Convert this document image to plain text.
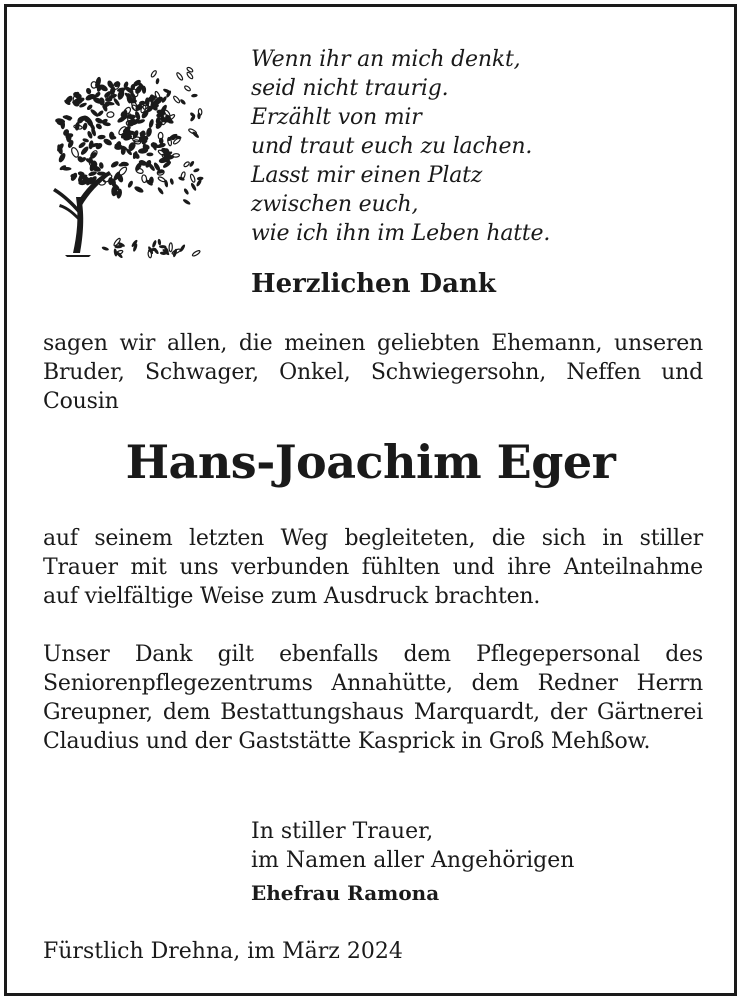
Wenn ihr an mich denkt,
seid nicht traurig.
Erzählt von mir
und traut euch zu lachen.
Lasst mir einen Platz
zwischen euch,
wie ich ihn im Leben hatte.
Herzlichen Dank
sagen wir allen, die meinen geliebten Ehemann, unseren Bruder, Schwager, Onkel, Schwiegersohn, Neffen und Cousin
Hans-Joachim Eger
auf seinem letzten Weg begleiteten, die sich in stiller Trauer mit uns verbunden fühlten und ihre Anteilnahme auf vielfältige Weise zum Ausdruck brachten.
Unser Dank gilt ebenfalls dem Pflegepersonal des Seniorenpflegezentrums Annahütte, dem Redner Herrn Greupner, dem Bestattungshaus Marquardt, der Gärtnerei Claudius und der Gaststätte Kasprick in Groß Mehßow.
In stiller Trauer,
im Namen aller Angehörigen
Ehefrau Ramona
Fürstlich Drehna, im März 2024
